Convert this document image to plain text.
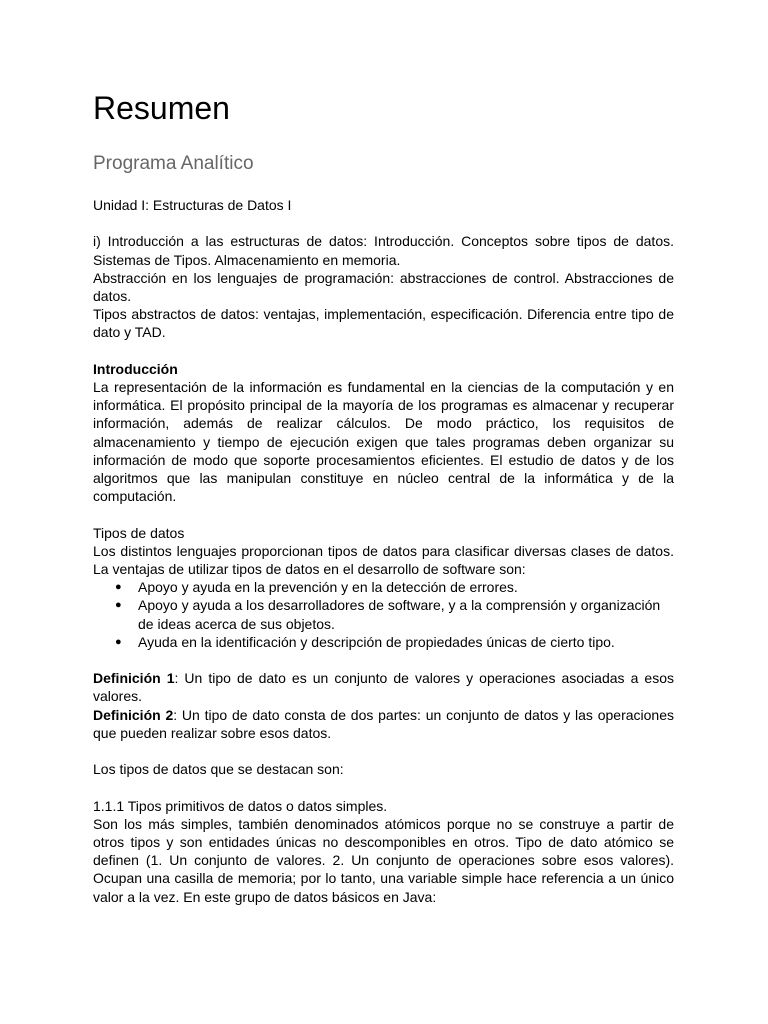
Resumen
Programa Analítico

Unidad I: Estructuras de Datos I

i) Introducción a las estructuras de datos: Introducción. Conceptos sobre tipos de datos. Sistemas de Tipos. Almacenamiento en memoria.

Abstracción en los lenguajes de programación: abstracciones de control. Abstracciones de datos.

Tipos abstractos de datos: ventajas, implementación, especificación. Diferencia entre tipo de dato y TAD.

Introducción

La representación de la información es fundamental en la ciencias de la computación y en informática. El propósito principal de la mayoría de los programas es almacenar y recuperar información, además de realizar cálculos. De modo práctico, los requisitos de almacenamiento y tiempo de ejecución exigen que tales programas deben organizar su información de modo que soporte procesamientos eficientes. El estudio de datos y de los algoritmos que las manipulan constituye en núcleo central de la informática y de la computación.

Tipos de datos

Los distintos lenguajes proporcionan tipos de datos para clasificar diversas clases de datos. La ventajas de utilizar tipos de datos en el desarrollo de software son:

● Apoyo y ayuda en la prevención y en la detección de errores.
● Apoyo y ayuda a los desarrolladores de software, y a la comprensión y organización de ideas acerca de sus objetos.
● Ayuda en la identificación y descripción de propiedades únicas de cierto tipo.

Definición 1: Un tipo de dato es un conjunto de valores y operaciones asociadas a esos valores.

Definición 2: Un tipo de dato consta de dos partes: un conjunto de datos y las operaciones que pueden realizar sobre esos datos.

Los tipos de datos que se destacan son:

1.1.1 Tipos primitivos de datos o datos simples.

Son los más simples, también denominados atómicos porque no se construye a partir de otros tipos y son entidades únicas no descomponibles en otros. Tipo de dato atómico se definen (1. Un conjunto de valores. 2. Un conjunto de operaciones sobre esos valores). Ocupan una casilla de memoria; por lo tanto, una variable simple hace referencia a un único valor a la vez. En este grupo de datos básicos en Java:
